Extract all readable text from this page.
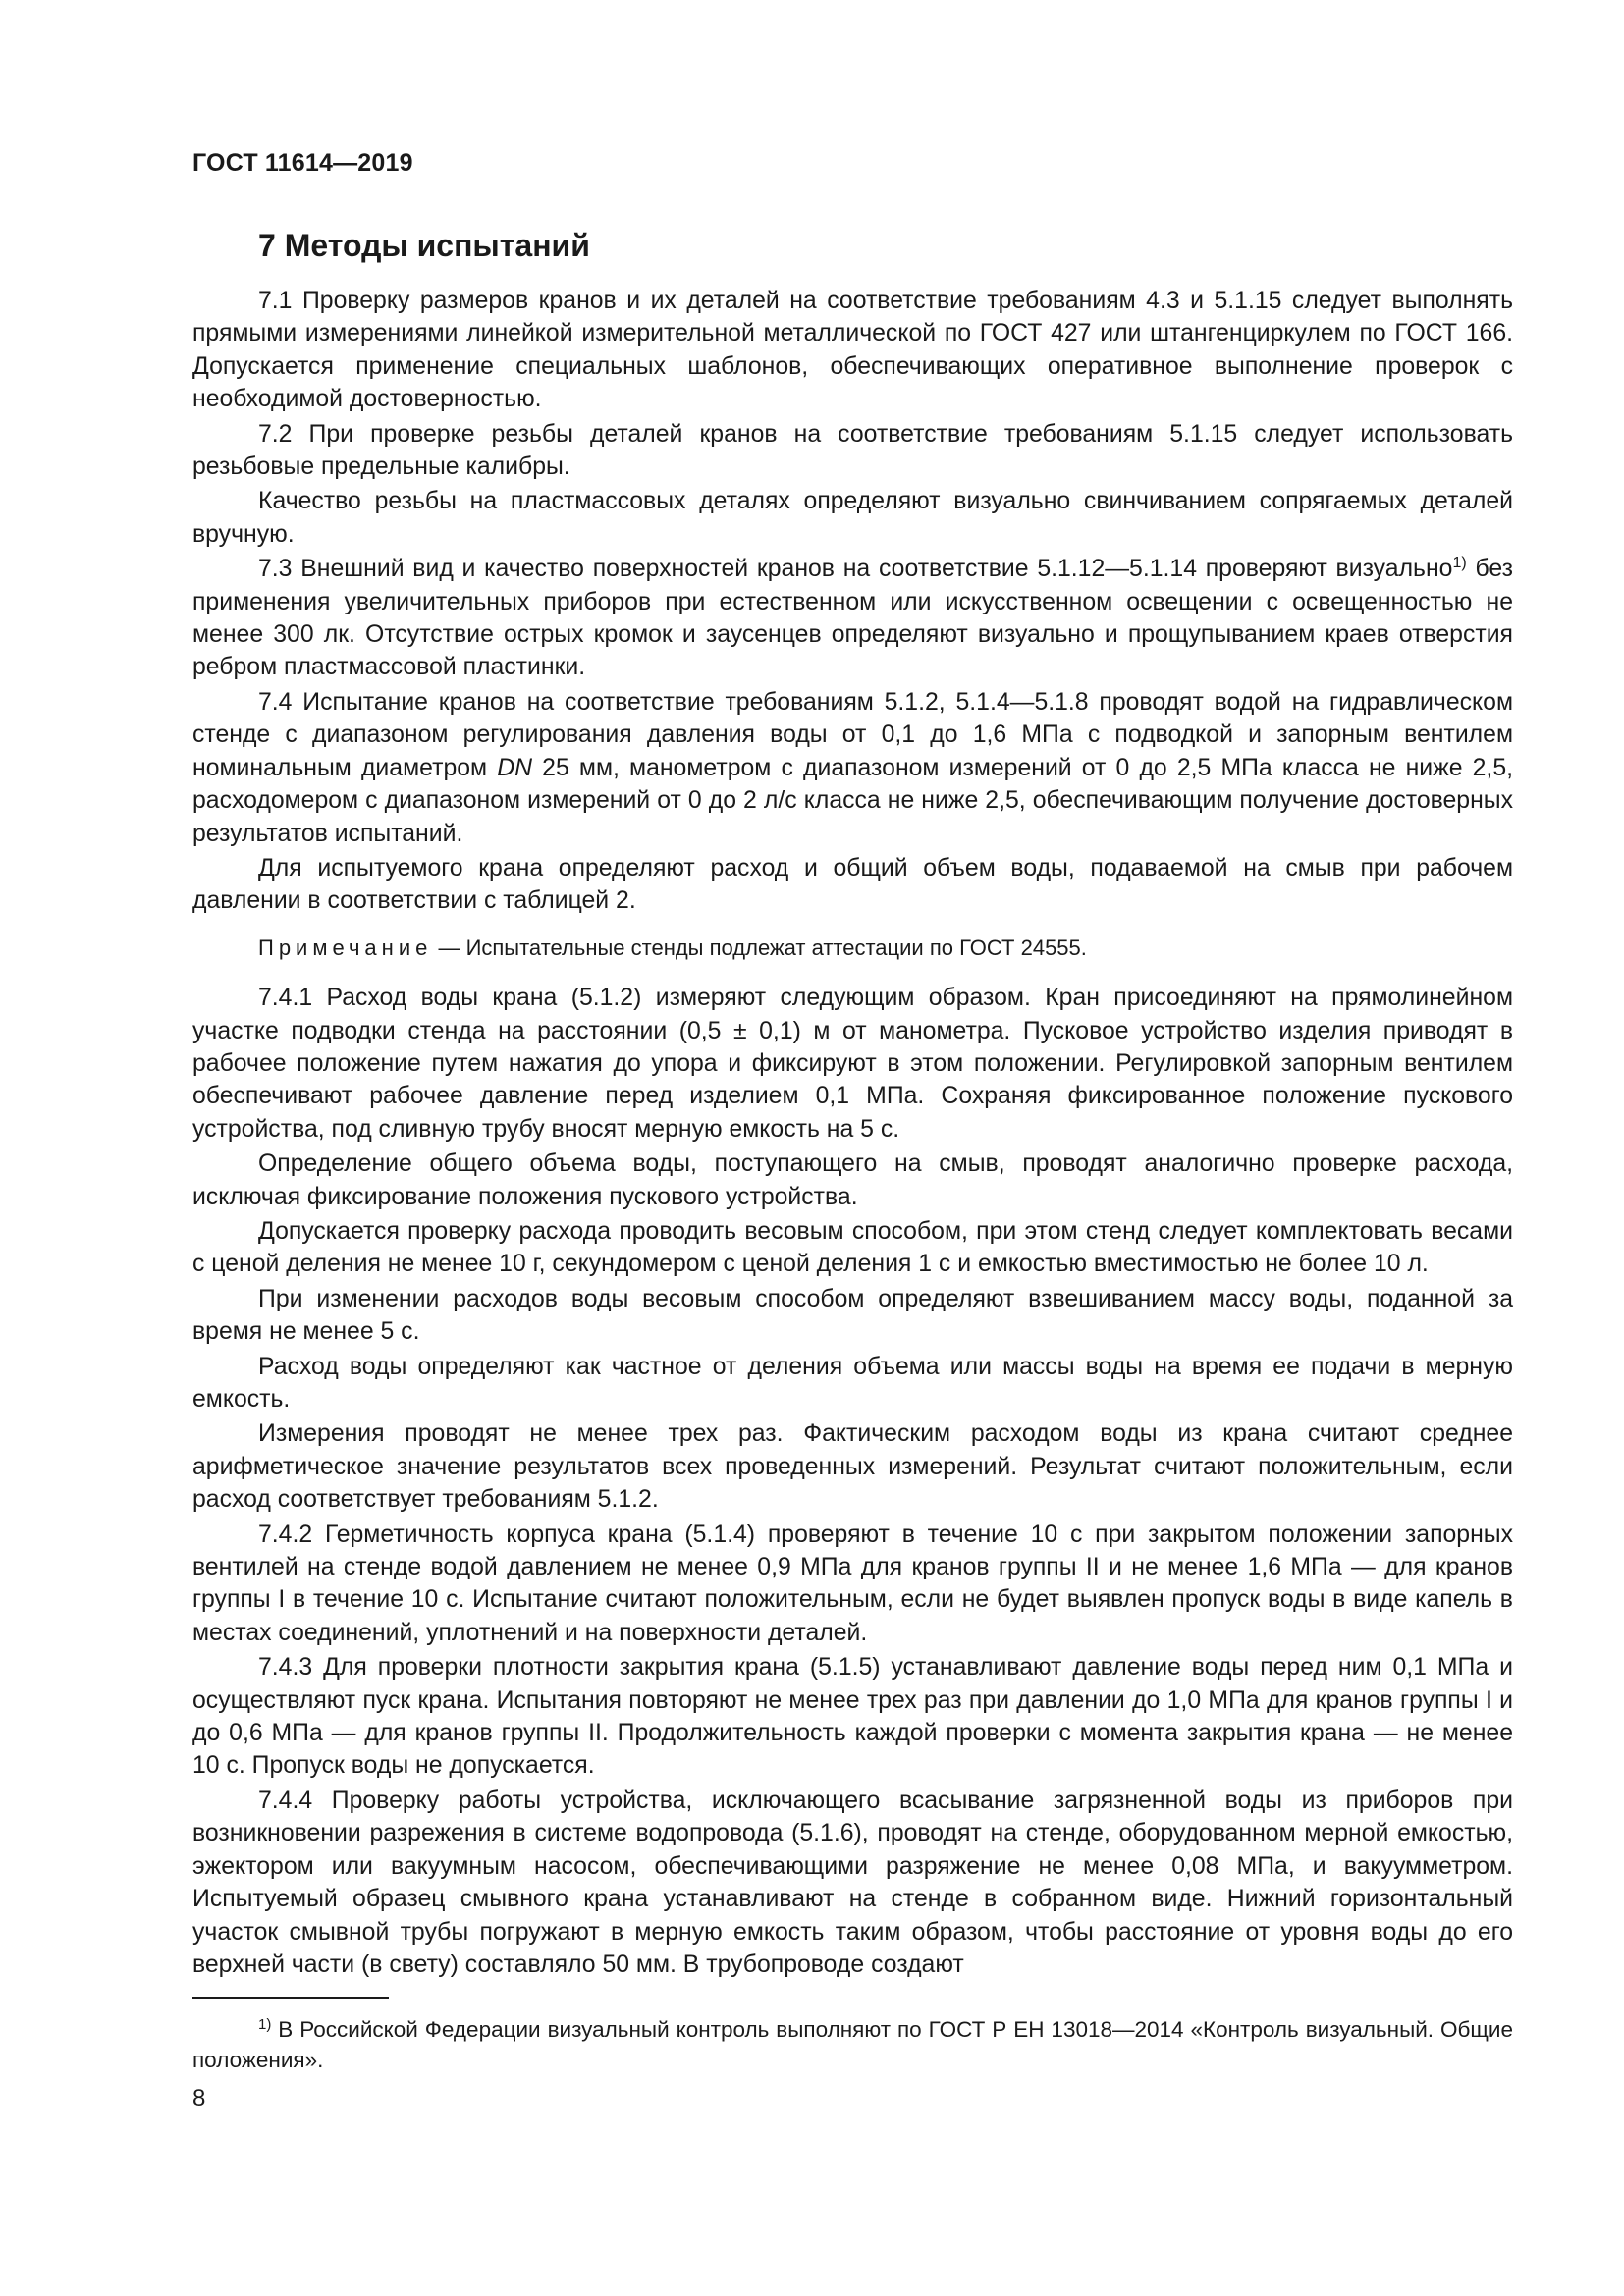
ГОСТ 11614—2019
7 Методы испытаний

7.1 Проверку размеров кранов и их деталей на соответствие требованиям 4.3 и 5.1.15 следует выполнять прямыми измерениями линейкой измерительной металлической по ГОСТ 427 или штангенциркулем по ГОСТ 166. Допускается применение специальных шаблонов, обеспечивающих оперативное выполнение проверок с необходимой достоверностью.

7.2 При проверке резьбы деталей кранов на соответствие требованиям 5.1.15 следует использовать резьбовые предельные калибры.

Качество резьбы на пластмассовых деталях определяют визуально свинчиванием сопрягаемых деталей вручную.

7.3 Внешний вид и качество поверхностей кранов на соответствие 5.1.12—5.1.14 проверяют визуально$^{1)}$ без применения увеличительных приборов при естественном или искусственном освещении с освещенностью не менее 300 лк. Отсутствие острых кромок и заусенцев определяют визуально и прощупыванием краев отверстия ребром пластмассовой пластинки.

7.4 Испытание кранов на соответствие требованиям 5.1.2, 5.1.4—5.1.8 проводят водой на гидравлическом стенде с диапазоном регулирования давления воды от 0,1 до 1,6 МПа с подводкой и запорным вентилем номинальным диаметром DN 25 мм, манометром с диапазоном измерений от 0 до 2,5 МПа класса не ниже 2,5, расходомером с диапазоном измерений от 0 до 2 л/с класса не ниже 2,5, обеспечивающим получение достоверных результатов испытаний.

Для испытуемого крана определяют расход и общий объем воды, подаваемой на смыв при рабочем давлении в соответствии с таблицей 2.

Примечание — Испытательные стенды подлежат аттестации по ГОСТ 24555.

7.4.1 Расход воды крана (5.1.2) измеряют следующим образом. Кран присоединяют на прямолинейном участке подводки стенда на расстоянии (0,5 ± 0,1) м от манометра. Пусковое устройство изделия приводят в рабочее положение путем нажатия до упора и фиксируют в этом положении. Регулировкой запорным вентилем обеспечивают рабочее давление перед изделием 0,1 МПа. Сохраняя фиксированное положение пускового устройства, под сливную трубу вносят мерную емкость на 5 с.

Определение общего объема воды, поступающего на смыв, проводят аналогично проверке расхода, исключая фиксирование положения пускового устройства.

Допускается проверку расхода проводить весовым способом, при этом стенд следует комплектовать весами с ценой деления не менее 10 г, секундомером с ценой деления 1 с и емкостью вместимостью не более 10 л.

При изменении расходов воды весовым способом определяют взвешиванием массу воды, поданной за время не менее 5 с.

Расход воды определяют как частное от деления объема или массы воды на время ее подачи в мерную емкость.

Измерения проводят не менее трех раз. Фактическим расходом воды из крана считают среднее арифметическое значение результатов всех проведенных измерений. Результат считают положительным, если расход соответствует требованиям 5.1.2.

7.4.2 Герметичность корпуса крана (5.1.4) проверяют в течение 10 с при закрытом положении запорных вентилей на стенде водой давлением не менее 0,9 МПа для кранов группы II и не менее 1,6 МПа — для кранов группы I в течение 10 с. Испытание считают положительным, если не будет выявлен пропуск воды в виде капель в местах соединений, уплотнений и на поверхности деталей.

7.4.3 Для проверки плотности закрытия крана (5.1.5) устанавливают давление воды перед ним 0,1 МПа и осуществляют пуск крана. Испытания повторяют не менее трех раз при давлении до 1,0 МПа для кранов группы I и до 0,6 МПа — для кранов группы II. Продолжительность каждой проверки с момента закрытия крана — не менее 10 с. Пропуск воды не допускается.

7.4.4 Проверку работы устройства, исключающего всасывание загрязненной воды из приборов при возникновении разрежения в системе водопровода (5.1.6), проводят на стенде, оборудованном мерной емкостью, эжектором или вакуумным насосом, обеспечивающими разряжение не менее 0,08 МПа, и вакуумметром. Испытуемый образец смывного крана устанавливают на стенде в собранном виде. Нижний горизонтальный участок смывной трубы погружают в мерную емкость таким образом, чтобы расстояние от уровня воды до его верхней части (в свету) составляло 50 мм. В трубопроводе создают

$^{1)}$ В Российской Федерации визуальный контроль выполняют по ГОСТ Р ЕН 13018—2014 «Контроль визуальный. Общие положения».
8
